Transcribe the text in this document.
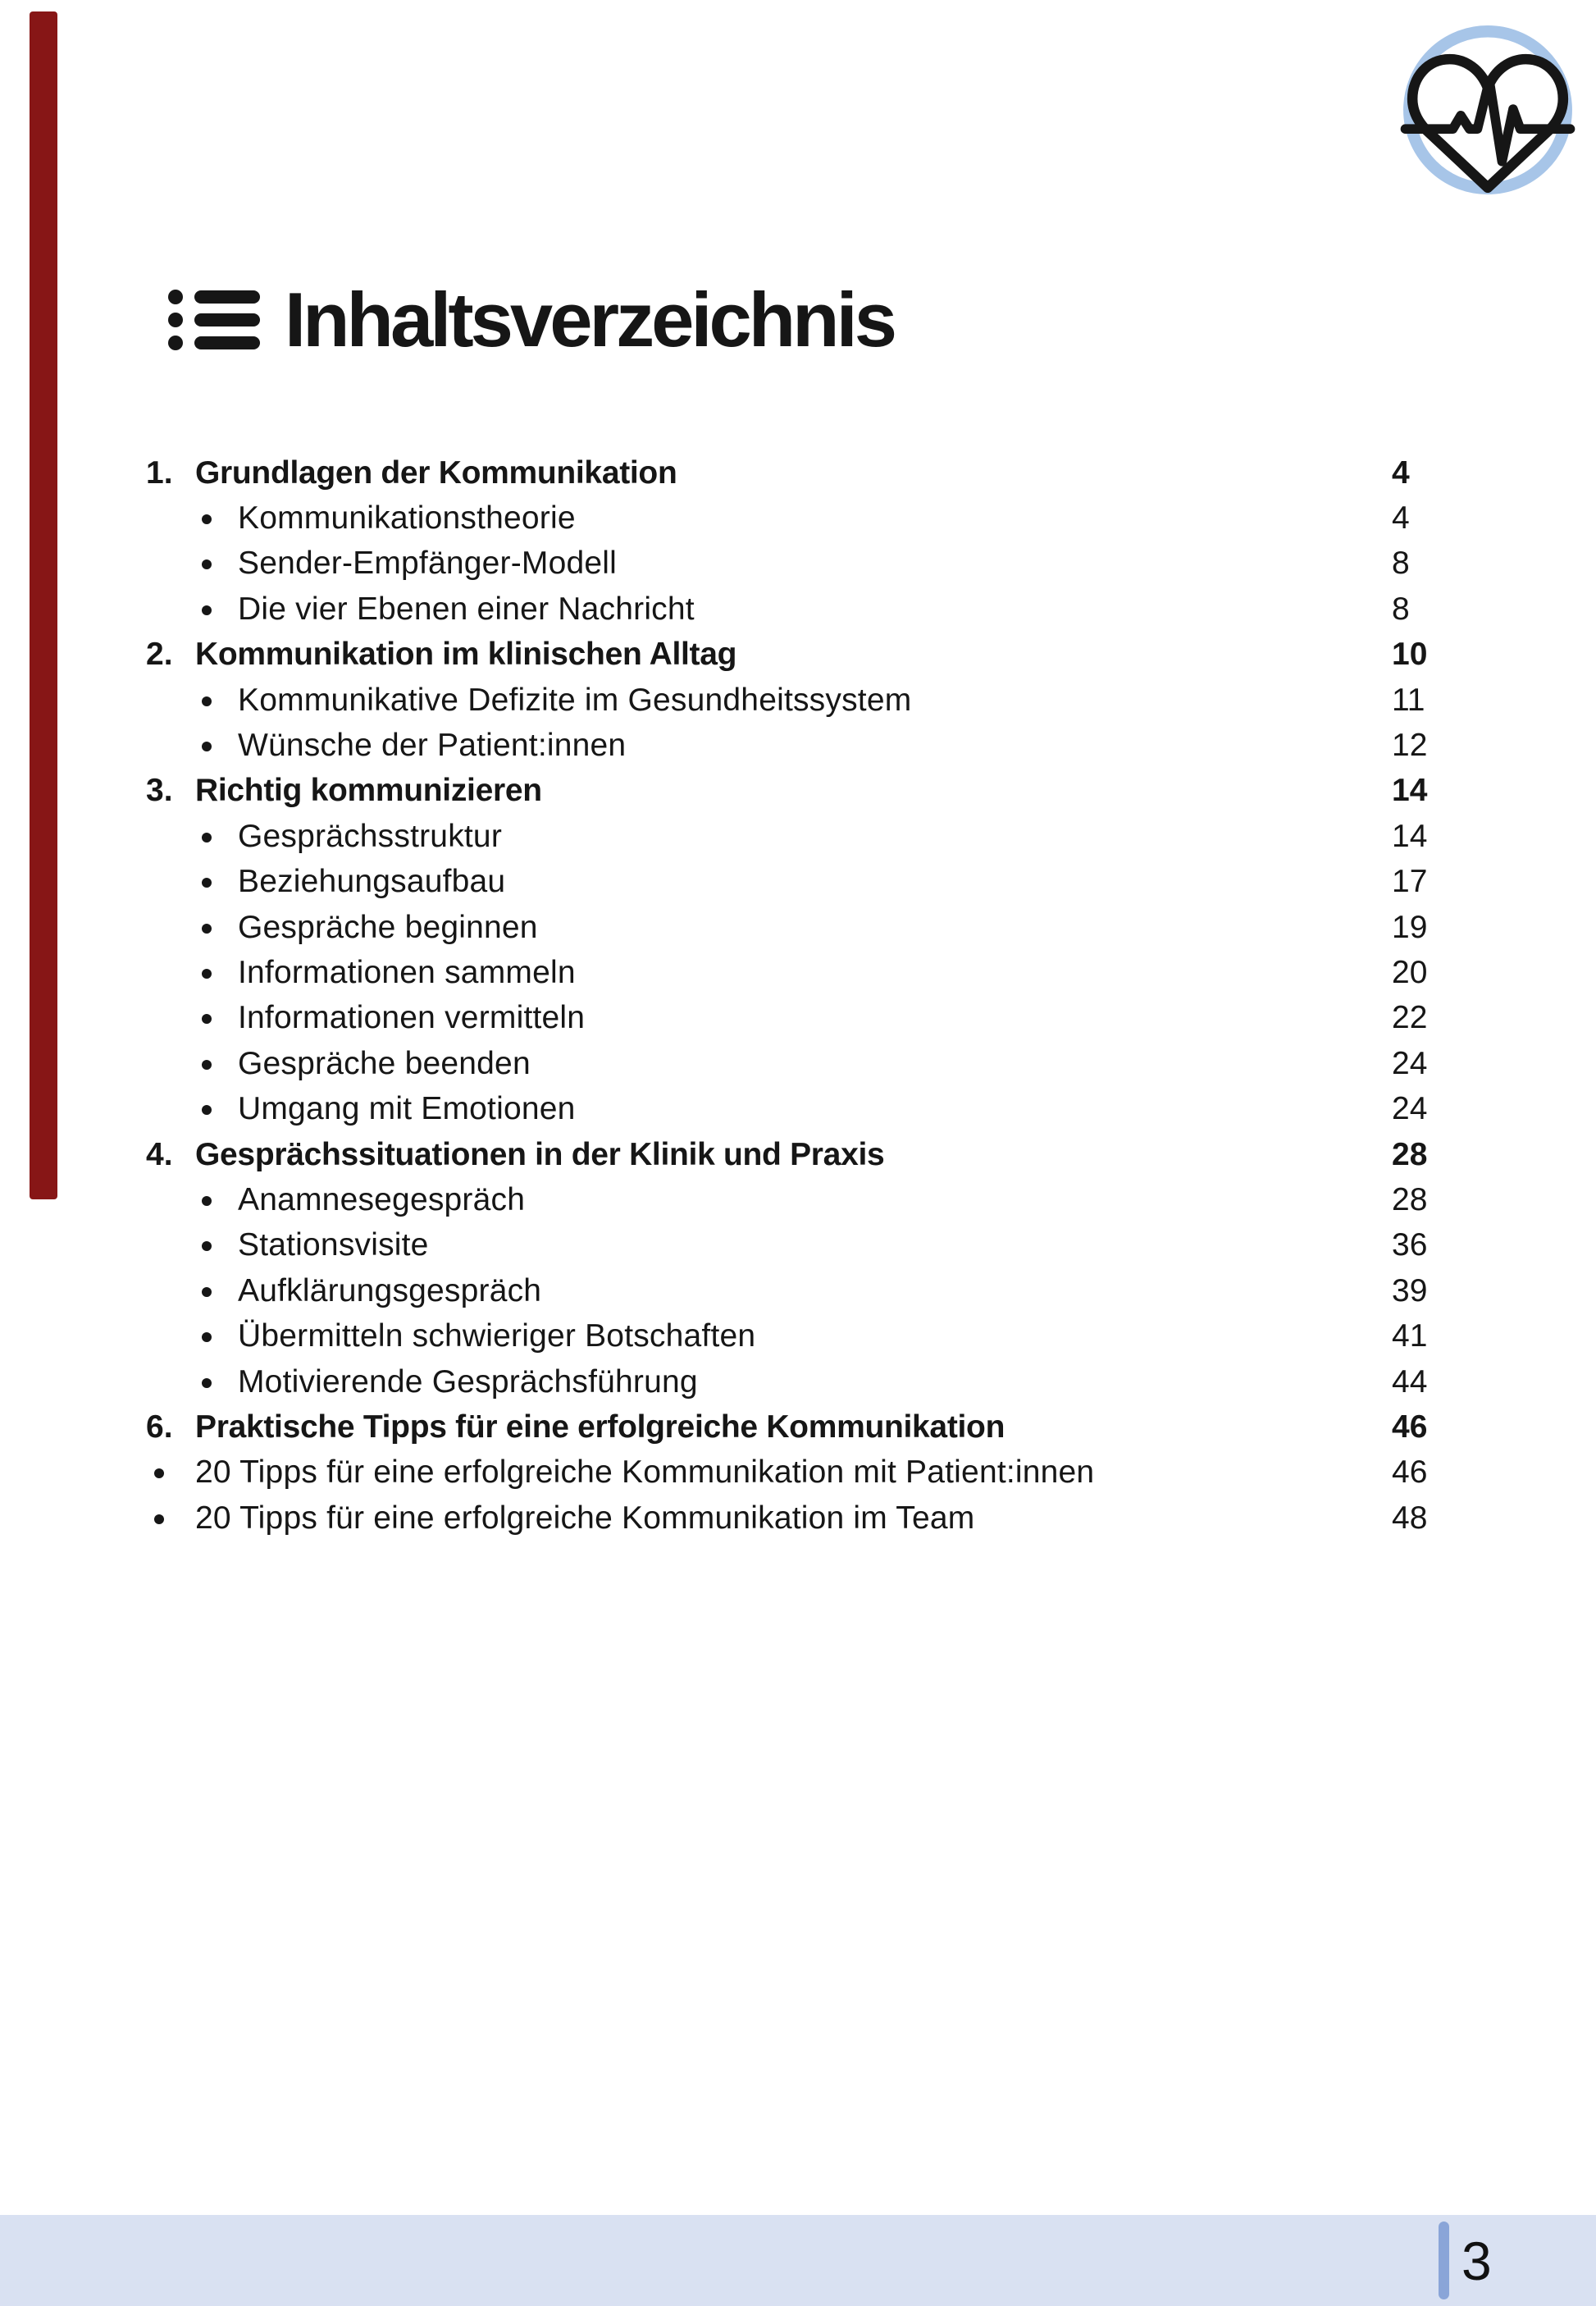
Inhaltsverzeichnis
1. Grundlagen der Kommunikation	4
Kommunikationstheorie	4
Sender-Empfänger-Modell	8
Die vier Ebenen einer Nachricht	8
2. Kommunikation im klinischen Alltag	10
Kommunikative Defizite im Gesundheitssystem	11
Wünsche der Patient:innen	12
3. Richtig kommunizieren	14
Gesprächsstruktur	14
Beziehungsaufbau	17
Gespräche beginnen	19
Informationen sammeln	20
Informationen vermitteln	22
Gespräche beenden	24
Umgang mit Emotionen	24
4. Gesprächssituationen in der Klinik und Praxis	28
Anamnesegespräch	28
Stationsvisite	36
Aufklärungsgespräch	39
Übermitteln schwieriger Botschaften	41
Motivierende Gesprächsführung	44
6. Praktische Tipps für eine erfolgreiche Kommunikation	46
20 Tipps für eine erfolgreiche Kommunikation mit Patient:innen	46
20 Tipps für eine erfolgreiche Kommunikation im Team	48
3
